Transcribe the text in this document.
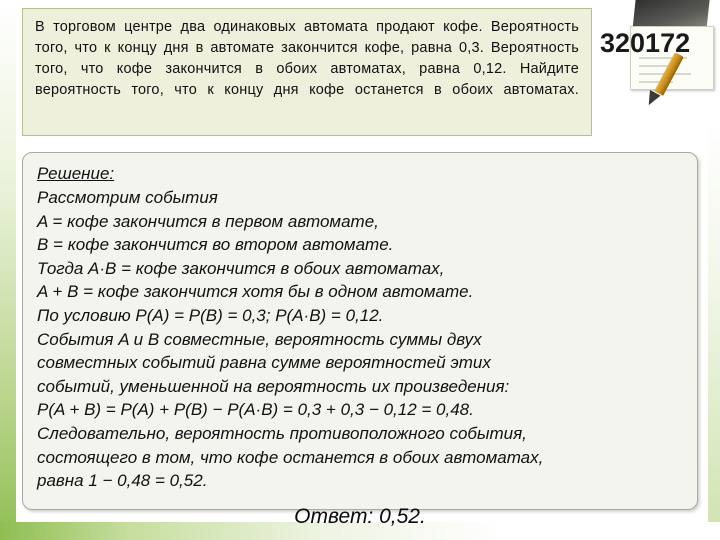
320172

В торговом центре два одинаковых автомата продают кофе. Вероятность того, что к концу дня в автомате закончится кофе, равна 0,3. Вероятность того, что кофе закончится в обоих автоматах, равна 0,12. Найдите вероятность того, что к концу дня кофе останется в обоих автоматах.

Решение:
Рассмотрим события
A = кофе закончится в первом автомате,
B = кофе закончится во втором автомате.
Тогда A·B = кофе закончится в обоих автоматах,
A + B = кофе закончится хотя бы в одном автомате.
По условию P(A) = P(B) = 0,3; P(A·B) = 0,12.
События A и B совместные, вероятность суммы двух
совместных событий равна сумме вероятностей этих
событий, уменьшенной на вероятность их произведения:
P(A + B) = P(A) + P(B) − P(A·B) = 0,3 + 0,3 − 0,12 = 0,48.
Следовательно, вероятность противоположного события,
состоящего в том, что кофе останется в обоих автоматах,
равна 1 − 0,48 = 0,52.
Ответ: 0,52.
